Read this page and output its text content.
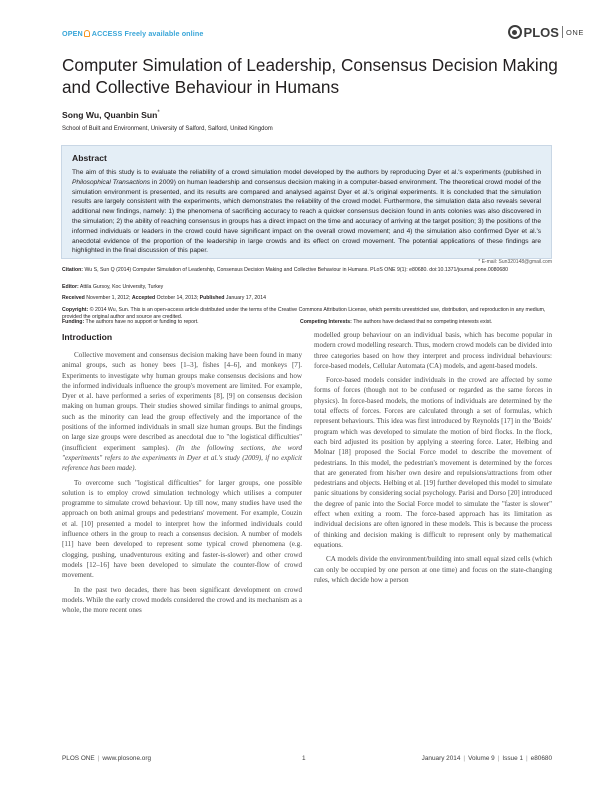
OPEN ACCESS Freely available online	PLOS ONE
Computer Simulation of Leadership, Consensus Decision Making and Collective Behaviour in Humans
Song Wu, Quanbin Sun*
School of Built and Environment, University of Salford, Salford, United Kingdom
Abstract

The aim of this study is to evaluate the reliability of a crowd simulation model developed by the authors by reproducing Dyer et al.'s experiments (published in Philosophical Transactions in 2009) on human leadership and consensus decision making in a computer-based environment. The theoretical crowd model of the simulation environment is presented, and its results are compared and analysed against Dyer et al.'s original experiments. It is concluded that the simulation results are largely consistent with the experiments, which demonstrates the reliability of the crowd model. Furthermore, the simulation data also reveals several additional new findings, namely: 1) the phenomena of sacrificing accuracy to reach a quicker consensus decision found in ants colonies was also discovered in the simulation; 2) the ability of reaching consensus in groups has a direct impact on the time and accuracy of arriving at the target position; 3) the positions of the informed individuals or leaders in the crowd could have significant impact on the overall crowd movement; and 4) the simulation also confirmed Dyer et al.'s anecdotal evidence of the proportion of the leadership in large crowds and its effect on crowd movement. The potential applications of these findings are highlighted in the final discussion of this paper.

Citation: Wu S, Sun Q (2014) Computer Simulation of Leadership, Consensus Decision Making and Collective Behaviour in Humans. PLoS ONE 9(1): e80680. doi:10.1371/journal.pone.0080680
Editor: Attila Gursoy, Koc University, Turkey
Received November 1, 2012; Accepted October 14, 2013; Published January 17, 2014
Copyright: © 2014 Wu, Sun. This is an open-access article distributed under the terms of the Creative Commons Attribution License, which permits unrestricted use, distribution, and reproduction in any medium, provided the original author and source are credited.
Introduction

Collective movement and consensus decision making have been found in many animal groups, such as honey bees [1–3], fishes [4–6], and monkeys [7]. Experiments to investigate why human groups make consensus decisions and how the informed individuals influence the group's movement are limited. For example, Dyer et al. have performed a series of experiments [8], [9] on consensus decision making on human groups. Their studies showed similar findings to animal groups, such as the minority can lead the group effectively and the importance of the positions of the informed individuals in small size human groups. But the findings on large size groups were described as anecdotal due to "the logistical difficulties" (insufficient experiment samples). (In the following sections, the word "experiments" refers to the experiments in Dyer et al.'s study (2009), if no explicit reference has been made).

To overcome such "logistical difficulties" for larger groups, one possible solution is to employ crowd simulation technology which utilises a computer programme to simulate crowd behaviour. Up till now, many studies have used the approach on both animal groups and pedestrians' movement. For example, Couzin et al. [10] presented a model to interpret how the informed individuals could influence others in the group to reach a consensus decision. A number of models [11] have been developed to represent some typical crowd phenomena (e.g. clogging, pushing, unadventurous exiting and faster-is-slower) and other crowd models [12–16] have been developed to simulate the counter-flow of crowd movement.

In the past two decades, there has been significant development on crowd models. While the early crowd models considered the crowd and its mechanism as a whole, the more recent ones

modelled group behaviour on an individual basis, which has become popular in modern crowd modelling research. Thus, modern crowd models can be divided into three categories based on how they interpret and process individual behaviours: force-based models, Cellular Automata (CA) models, and agent-based models.

Force-based models consider individuals in the crowd are affected by some forms of forces (though not to be confused or regarded as the same forces in physics). In force-based models, the motions of individuals are determined by the total effects of forces. Forces are calculated through a set of formulas, which represent behaviours. This idea was first introduced by Reynolds [17] in the 'Boids' program which was developed to simulate the motion of bird flocks. In the flock, each bird adjusted its position by applying a steering force. Later, Helbing and Molnar [18] proposed the Social Force model to describe the movement of pedestrians. In this model, the pedestrian's movement is determined by the forces that are generated from his/her own desire and repulsions/attractions from other pedestrians and objects. Helbing et al. [19] further developed this model to simulate panic situations by considering social psychology. Parisi and Dorso [20] introduced the degree of panic into the Social Force model to simulate the "faster is slower" effect when exiting a room. The force-based approach has its limitation as individual decisions are often ignored in these models. This is because the process of thinking and decision making is difficult to represent only by mathematical equations.

CA models divide the environment/building into small equal sized cells (which can only be occupied by one person at one time) and focus on the state-changing rules, which decide how a person

PLOS ONE | www.plosone.org	1	January 2014 | Volume 9 | Issue 1 | e80680
Funding: The authors have no support or funding to report.	Competing Interests: The authors have declared that no competing interests exist.
* E-mail: Sun320148@gmail.com
